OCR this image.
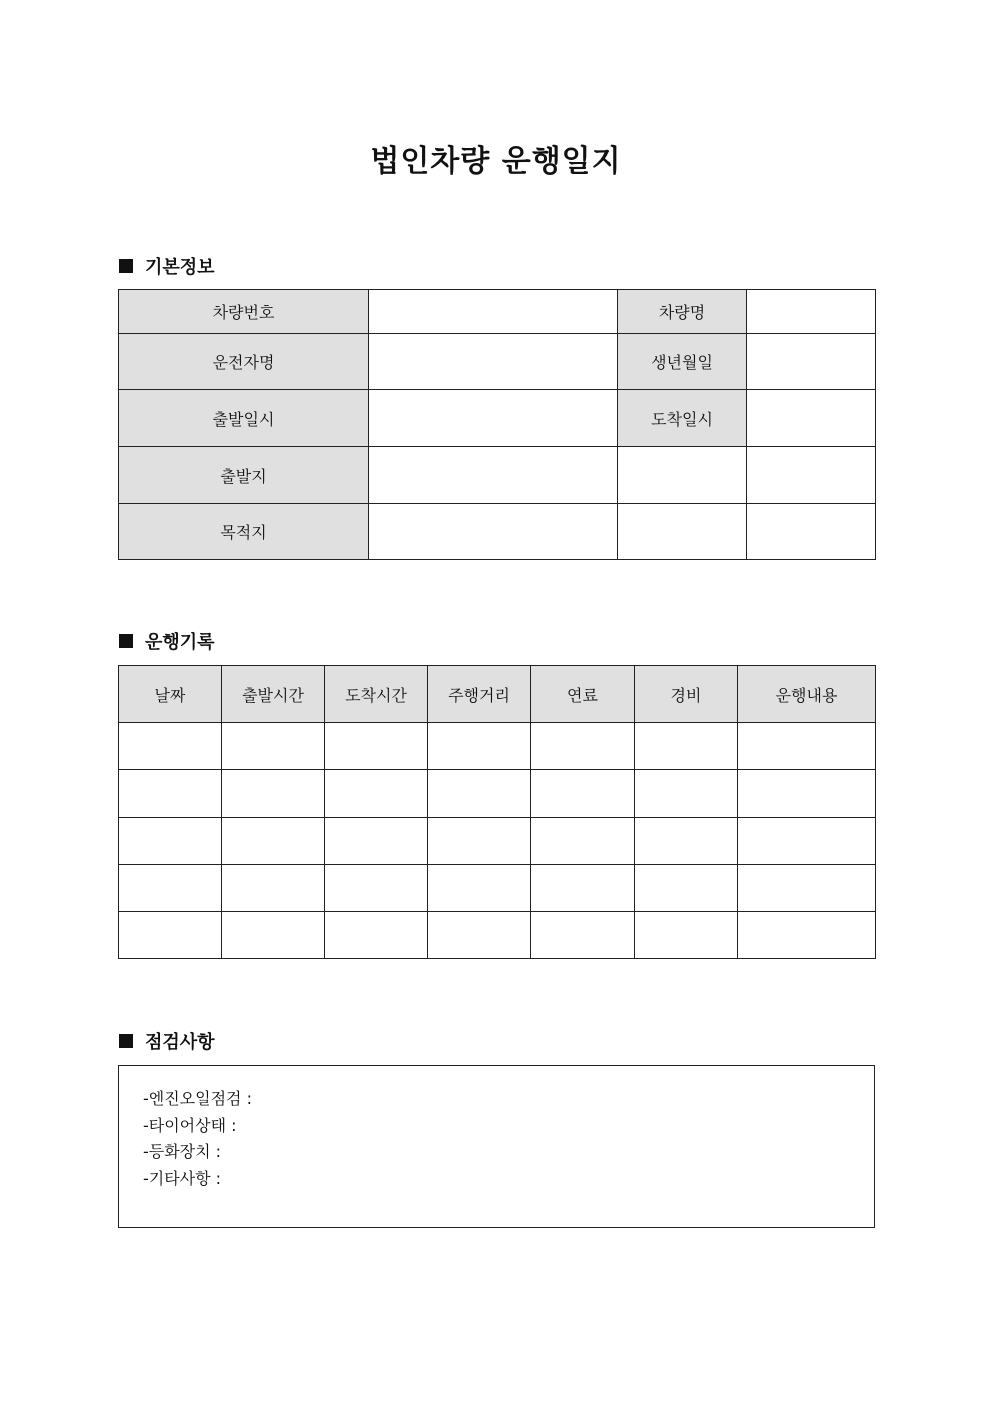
법인차량 운행일지
기본정보
차량번호		차량명	
운전자명		생년월일	
출발일시		도착일시	
출발지			
목적지			
운행기록
날짜	출발시간	도착시간	주행거리	연료	경비	운행내용

점검사항
-엔진오일점검 :
-타이어상태 :
-등화장치 :
-기타사항 :
